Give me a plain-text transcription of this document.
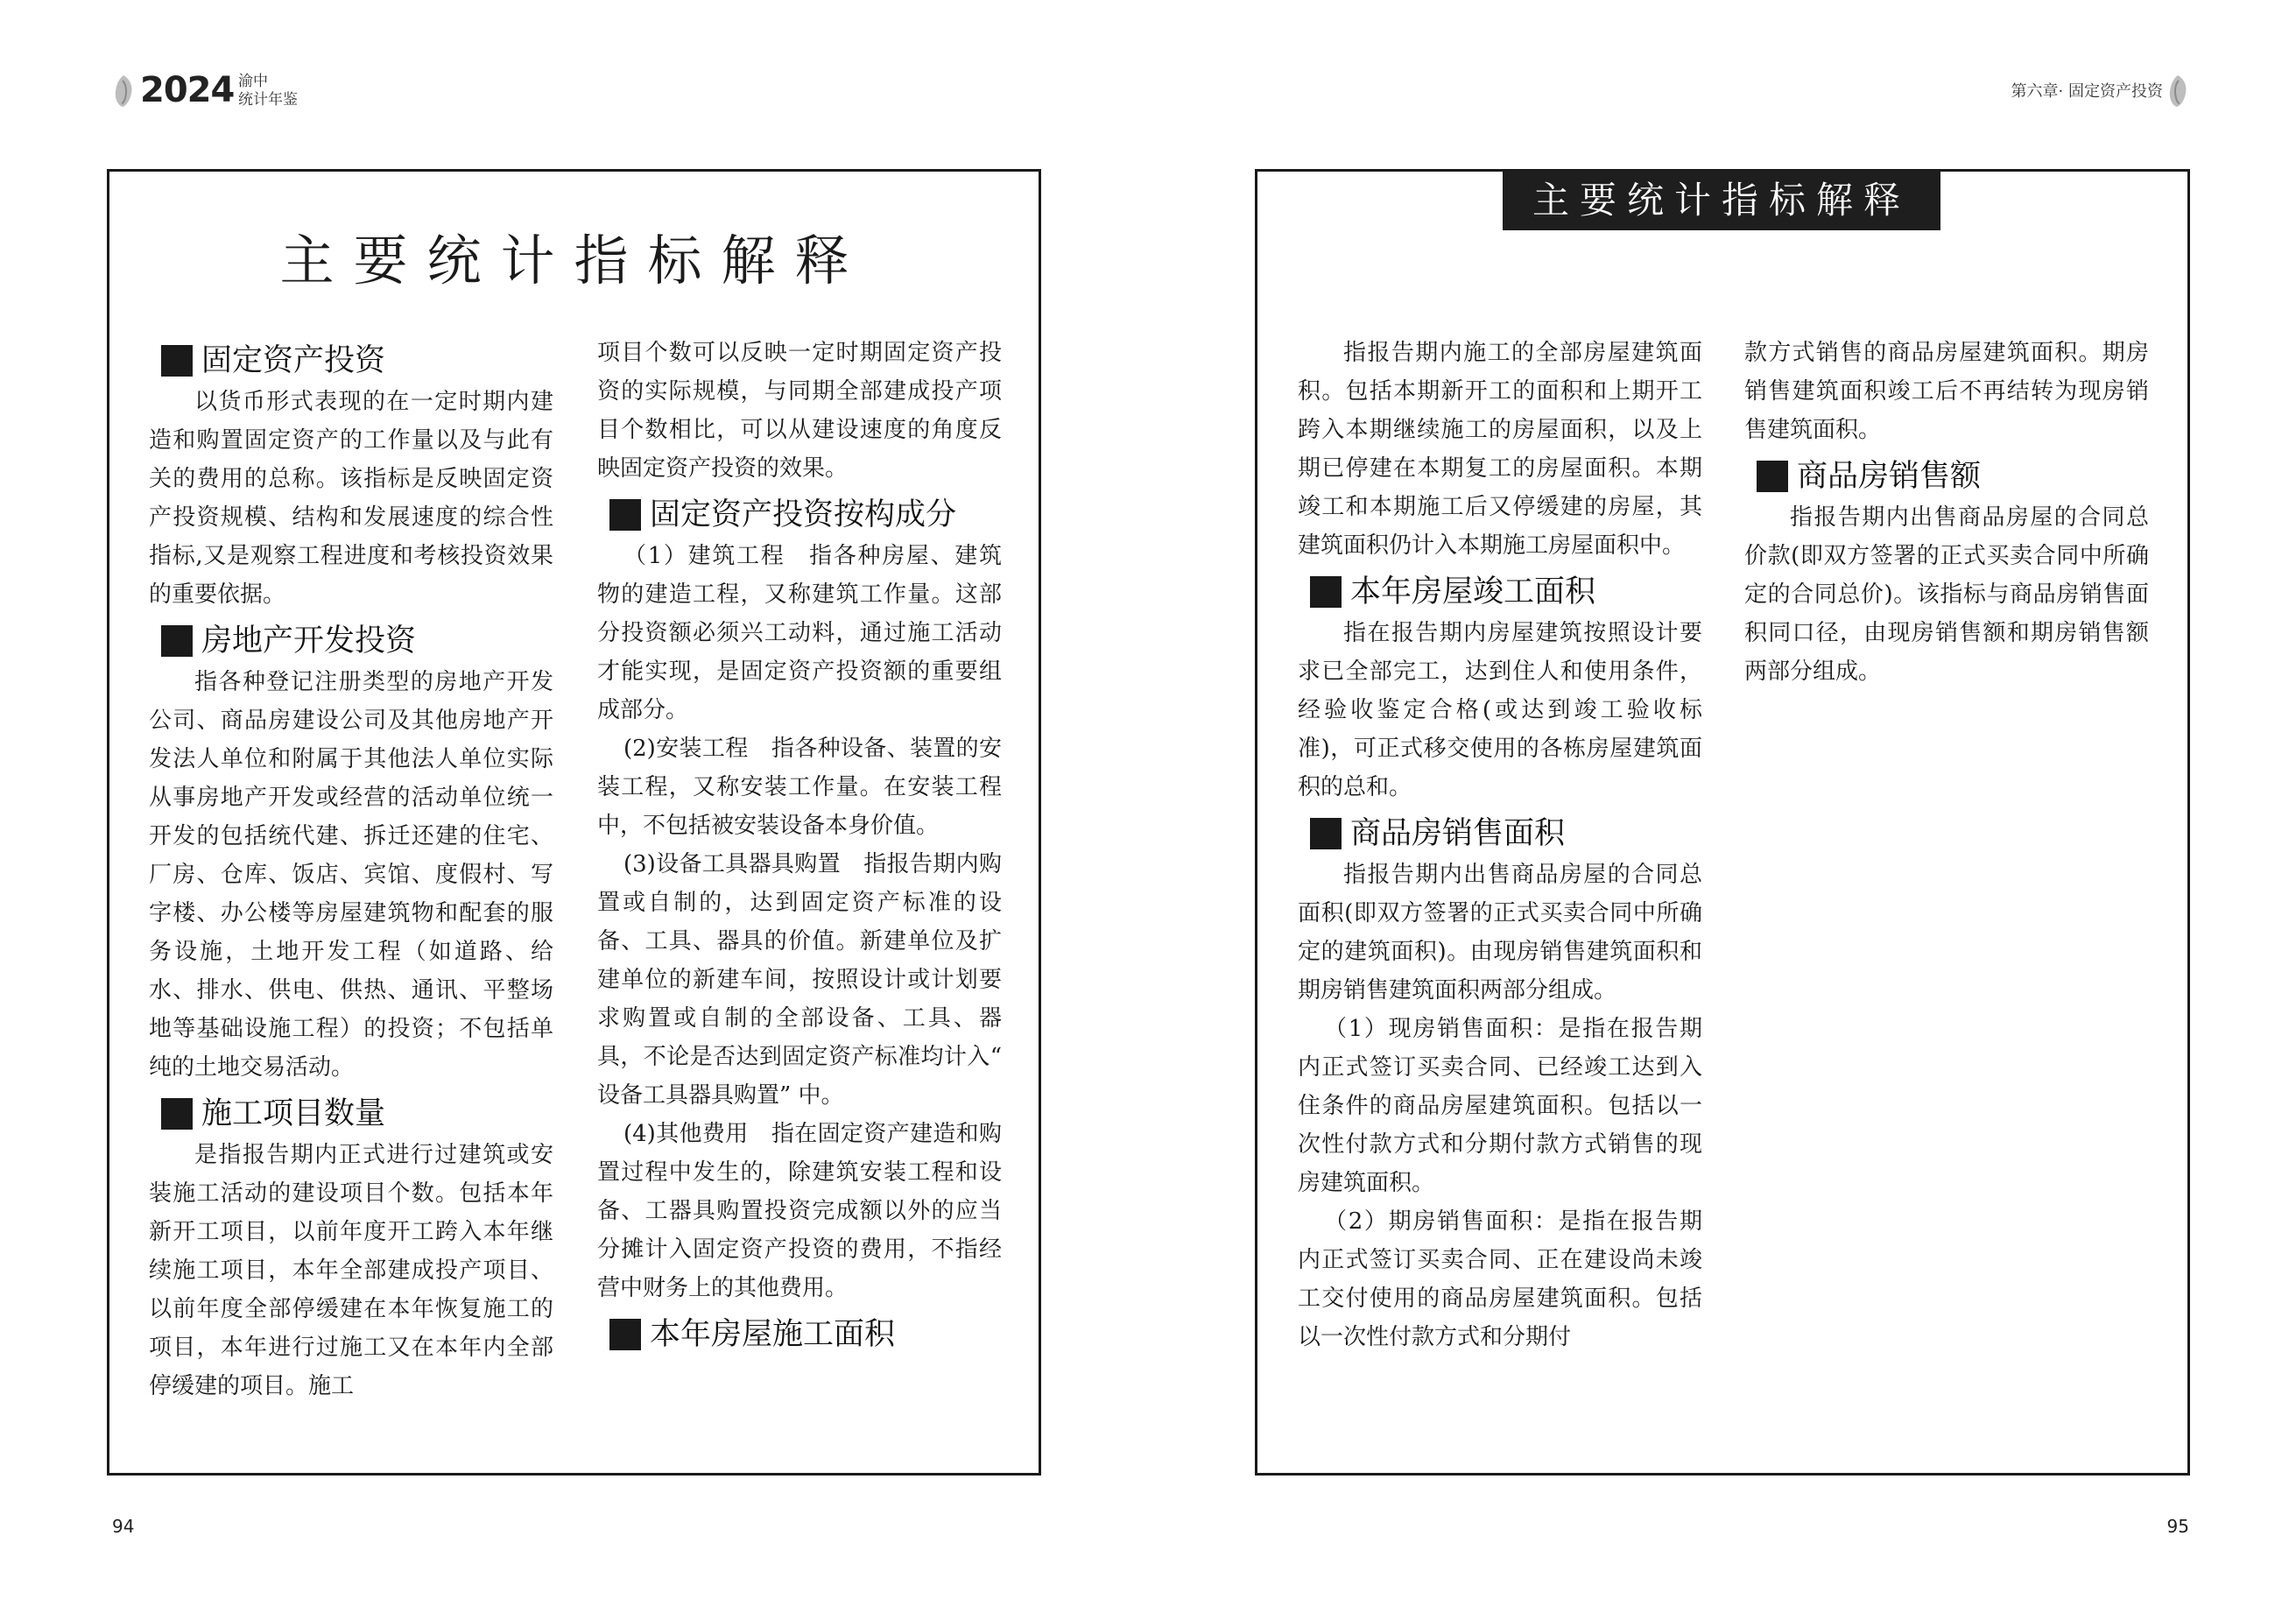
2024 渝中
统计年鉴	第六章· 固定资产投资
主要统计指标解释
主要统计指标解释
固定资产投资

以货币形式表现的在一定时期内建造和购置固定资产的工作量以及与此有关的费用的总称。该指标是反映固定资产投资规模、结构和发展速度的综合性指标,又是观察工程进度和考核投资效果的重要依据。

房地产开发投资

指各种登记注册类型的房地产开发公司、商品房建设公司及其他房地产开发法人单位和附属于其他法人单位实际从事房地产开发或经营的活动单位统一开发的包括统代建、拆迁还建的住宅、厂房、仓库、饭店、宾馆、度假村、写字楼、办公楼等房屋建筑物和配套的服务设施，土地开发工程（如道路、给水、排水、供电、供热、通讯、平整场地等基础设施工程）的投资；不包括单纯的土地交易活动。

施工项目数量

是指报告期内正式进行过建筑或安装施工活动的建设项目个数。包括本年新开工项目，以前年度开工跨入本年继续施工项目，本年全部建成投产项目、以前年度全部停缓建在本年恢复施工的项目，本年进行过施工又在本年内全部停缓建的项目。施工

项目个数可以反映一定时期固定资产投资的实际规模，与同期全部建成投产项目个数相比，可以从建设速度的角度反映固定资产投资的效果。

固定资产投资按构成分

（1）建筑工程　指各种房屋、建筑物的建造工程，又称建筑工作量。这部分投资额必须兴工动料，通过施工活动才能实现，是固定资产投资额的重要组成部分。

(2)安装工程　指各种设备、装置的安装工程，又称安装工作量。在安装工程中，不包括被安装设备本身价值。

(3)设备工具器具购置　指报告期内购置或自制的，达到固定资产标准的设备、工具、器具的价值。新建单位及扩建单位的新建车间，按照设计或计划要求购置或自制的全部设备、工具、器具，不论是否达到固定资产标准均计入“ 设备工具器具购置” 中。

(4)其他费用　指在固定资产建造和购置过程中发生的，除建筑安装工程和设备、工器具购置投资完成额以外的应当分摊计入固定资产投资的费用，不指经营中财务上的其他费用。

本年房屋施工面积

指报告期内施工的全部房屋建筑面积。包括本期新开工的面积和上期开工跨入本期继续施工的房屋面积，以及上期已停建在本期复工的房屋面积。本期竣工和本期施工后又停缓建的房屋，其建筑面积仍计入本期施工房屋面积中。

本年房屋竣工面积

指在报告期内房屋建筑按照设计要求已全部完工，达到住人和使用条件，经验收鉴定合格(或达到竣工验收标准)，可正式移交使用的各栋房屋建筑面积的总和。

商品房销售面积

指报告期内出售商品房屋的合同总面积(即双方签署的正式买卖合同中所确定的建筑面积)。由现房销售建筑面积和期房销售建筑面积两部分组成。

（1）现房销售面积：是指在报告期内正式签订买卖合同、已经竣工达到入住条件的商品房屋建筑面积。包括以一次性付款方式和分期付款方式销售的现房建筑面积。

（2）期房销售面积：是指在报告期内正式签订买卖合同、正在建设尚未竣工交付使用的商品房屋建筑面积。包括以一次性付款方式和分期付

款方式销售的商品房屋建筑面积。期房销售建筑面积竣工后不再结转为现房销售建筑面积。

商品房销售额

指报告期内出售商品房屋的合同总价款(即双方签署的正式买卖合同中所确定的合同总价)。该指标与商品房销售面积同口径，由现房销售额和期房销售额两部分组成。

94	95
